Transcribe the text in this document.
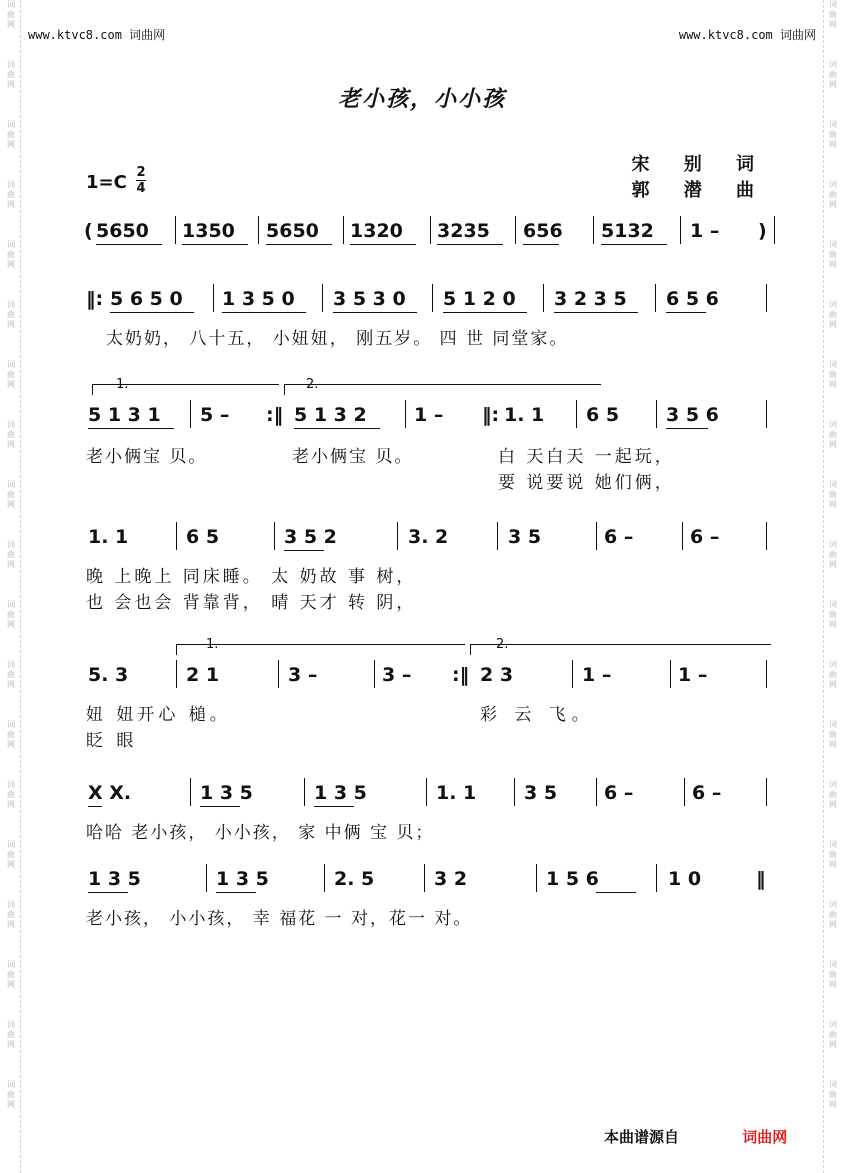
词
曲
网
词
曲
网
词
曲
网
词
曲
网
词
曲
网
词
曲
网
词
曲
网
词
曲
网
词
曲
网
词
曲
网
词
曲
网
词
曲
网
词
曲
网
词
曲
网
词
曲
网
词
曲
网
词
曲
网
词
曲
网
词
曲
网
词
曲
网
词
曲
网
词
曲
网
词
曲
网
词
曲
网
词
曲
网
词
曲
网
词
曲
网
词
曲
网
词
曲
网
词
曲
网
词
曲
网
词
曲
网
词
曲
网
词
曲
网
词
曲
网
词
曲
网
词
曲
网
词
曲
网
www.ktvc8.com 词曲网	www.ktvc8.com 词曲网
老小孩，小小孩
宋 别 词
郭 潜 曲
1=C 2
4
( 5650 1350 5650 1320 3235 656 5132 1 – )
‖: 5 6 5 0 1 3 5 0 3 5 3 0 5 1 2 0 3 2 3 5 6 5 6
太奶奶， 八十五， 小妞妞， 刚五岁。 四 世 同堂家。
1.	2.
5 1 3 1 5 – :‖ 5 1 3 2 1 – ‖: 1. 1 6 5 3 5 6
老小俩宝 贝。	老小俩宝 贝。	白 天白天 一起玩，
要 说要说 她们俩，
1. 1	6 5	3 5 2	3. 2	3 5	6 –	6 –
晚 上晚上 同床睡。 太 奶故 事 树，
也 会也会 背靠背， 晴 天才 转 阴，
1.	2.
5. 3	2 1	3 –	3 – :‖ 2 3	1 –	1 –
妞 妞开心 槌。	彩 云 飞。
眨 眼
X X.	1 3 5	1 3 5	1. 1	3 5 6 –	6 –
哈哈 老小孩， 小小孩， 家 中俩 宝 贝；
1 3 5	1 3 5	2. 5	3 2	1 5 6	1 0	‖
老小孩， 小小孩， 幸 福花 一 对，花一 对。
本曲谱源自	词曲网
